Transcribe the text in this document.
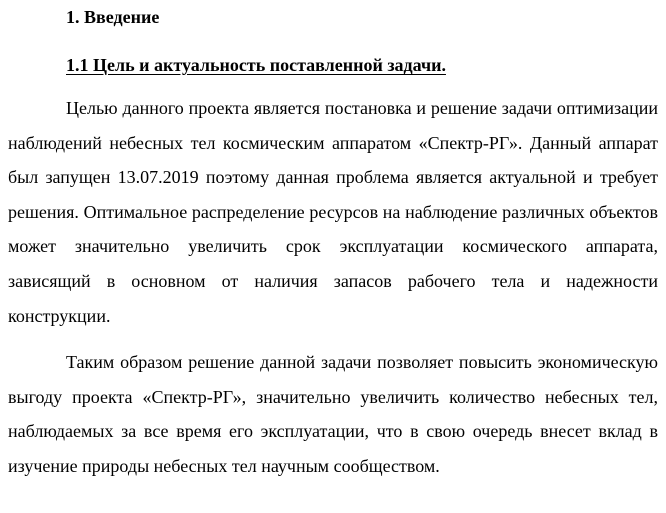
1. Введение
1.1 Цель и актуальность поставленной задачи.

Целью данного проекта является постановка и решение задачи оптимизации наблюдений небесных тел космическим аппаратом «Спектр-РГ». Данный аппарат был запущен 13.07.2019 поэтому данная проблема является актуальной и требует решения. Оптимальное распределение ресурсов на наблюдение различных объектов может значительно увеличить срок эксплуатации космического аппарата, зависящий в основном от наличия запасов рабочего тела и надежности конструкции.

Таким образом решение данной задачи позволяет повысить экономическую выгоду проекта «Спектр-РГ», значительно увеличить количество небесных тел, наблюдаемых за все время его эксплуатации, что в свою очередь внесет вклад в изучение природы небесных тел научным сообществом.
